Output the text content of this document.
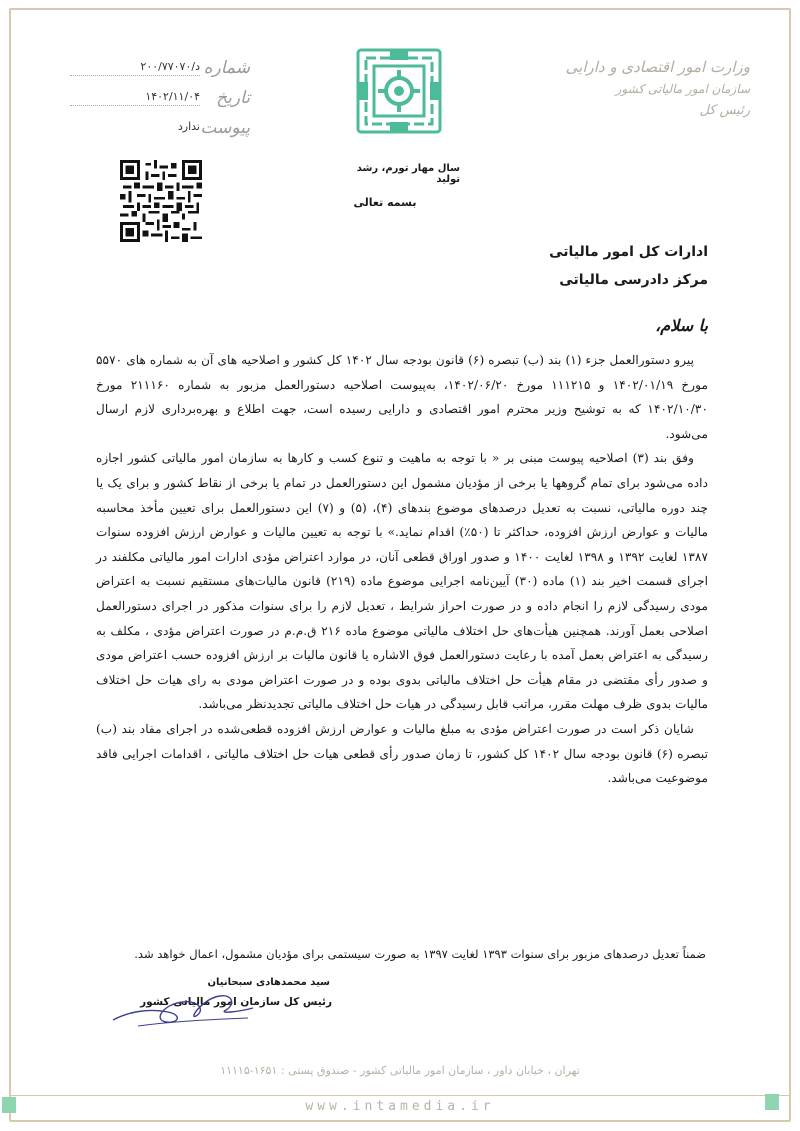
شماره
د/۲۰۰/۷۷۰۷۰
تاریخ
۱۴۰۲/۱۱/۰۴
پیوست
ندارد
وزارت امور اقتصادی و دارایی
سازمان امور مالیاتی کشور
رئیس کل
سال مهار تورم، رشد تولید
بسمه تعالی
ادارات کل امور مالیاتی
مرکز دادرسی مالیاتی
با سلام،

پیرو دستورالعمل جزء (۱) بند (ب) تبصره (۶) قانون بودجه سال ۱۴۰۲ کل کشور و اصلاحیه های آن به شماره های ۵۵۷۰ مورخ ۱۴۰۲/۰۱/۱۹ و ۱۱۱۲۱۵ مورخ ۱۴۰۲/۰۶/۲۰، به‌پیوست اصلاحیه دستورالعمل مزبور به شماره ۲۱۱۱۶۰ مورخ ۱۴۰۲/۱۰/۳۰ که به توشیح وزیر محترم امور اقتصادی و دارایی رسیده است، جهت اطلاع و بهره‌برداری لازم ارسال می‌شود.

وفق بند (۳) اصلاحیه پیوست مبنی بر « با توجه به ماهیت و تنوع کسب و کارها به سازمان امور مالیاتی کشور اجازه داده می‌شود برای تمام گروهها یا برخی از مؤدیان مشمول این دستورالعمل در تمام یا برخی از نقاط کشور و برای یک یا چند دوره مالیاتی، نسبت به تعدیل درصدهای موضوع بندهای (۴)، (۵) و (۷) این دستورالعمل برای تعیین مأخذ محاسبه مالیات و عوارض ارزش افزوده، حداکثر تا (۵۰٪) اقدام نماید.» با توجه به تعیین مالیات و عوارض ارزش افزوده سنوات ۱۳۸۷ لغایت ۱۳۹۲ و ۱۳۹۸ لغایت ۱۴۰۰ و صدور اوراق قطعی آنان، در موارد اعتراض مؤدی ادارات امور مالیاتی مکلفند در اجرای قسمت اخیر بند (۱) ماده (۳۰) آیین‌نامه اجرایی موضوع ماده (۲۱۹) قانون مالیات‌های مستقیم نسبت به اعتراض مودی رسیدگی لازم را انجام داده و در صورت احراز شرایط ، تعدیل لازم را برای سنوات مذکور در اجرای دستورالعمل اصلاحی بعمل آورند. همچنین هیأت‌های حل اختلاف مالیاتی موضوع ماده ۲۱۶ ق.م.م در صورت اعتراض مؤدی ، مکلف به رسیدگی به اعتراض بعمل آمده با رعایت دستورالعمل فوق الاشاره یا قانون مالیات بر ارزش افزوده حسب اعتراض مودی و صدور رأی مقتضی در مقام هیأت حل اختلاف مالیاتی بدوی بوده و در صورت اعتراض مودی به رای هیات حل اختلاف مالیات بدوی ظرف مهلت مقرر، مراتب قابل رسیدگی در هیات حل اختلاف مالیاتی تجدیدنظر می‌باشد.

شایان ذکر است در صورت اعتراض مؤدی به مبلغ مالیات و عوارض ارزش افزوده قطعی‌شده در اجرای مفاد بند (ب) تبصره (۶) قانون بودجه سال ۱۴۰۲ کل کشور، تا زمان صدور رأی قطعی هیات حل اختلاف مالیاتی ، اقدامات اجرایی فاقد موضوعیت می‌باشد.

ضمناً تعدیل درصدهای مزبور برای سنوات ۱۳۹۳ لغایت ۱۳۹۷ به صورت سیستمی برای مؤدیان مشمول، اعمال خواهد شد.
سید محمدهادی سبحانیان
رئیس کل سازمان امور مالیاتی کشور
تهران ، خیابان داور ، سازمان امور مالیاتی کشور - صندوق پستی : ۱۶۵۱-۱۱۱۱۵
www.intamedia.ir
